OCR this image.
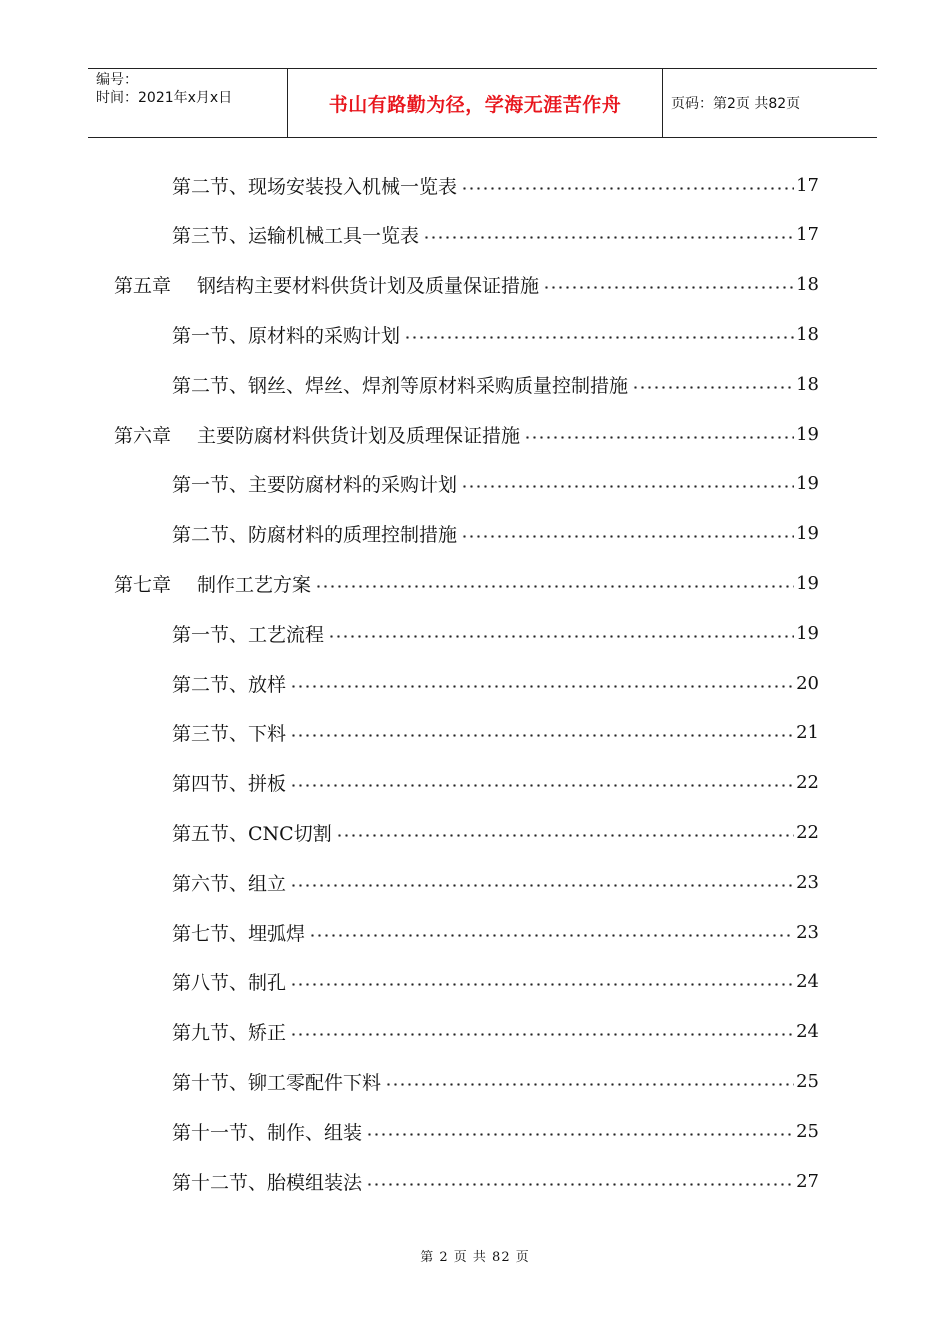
编号：
时间：2021年x月x日	书山有路勤为径，学海无涯苦作舟	页码：第2页 共82页
第二节、现场安装投入机械一览表	17
第三节、运输机械工具一览表	17
第五章 钢结构主要材料供货计划及质量保证措施	18
第一节、原材料的采购计划	18
第二节、钢丝、焊丝、焊剂等原材料采购质量控制措施	18
第六章 主要防腐材料供货计划及质理保证措施	19
第一节、主要防腐材料的采购计划	19
第二节、防腐材料的质理控制措施	19
第七章 制作工艺方案	19
第一节、工艺流程	19
第二节、放样	20
第三节、下料	21
第四节、拼板	22
第五节、CNC切割	22
第六节、组立	23
第七节、埋弧焊	23
第八节、制孔	24
第九节、矫正	24
第十节、铆工零配件下料	25
第十一节、制作、组装	25
第十二节、胎模组装法	27
第 2 页 共 82 页
